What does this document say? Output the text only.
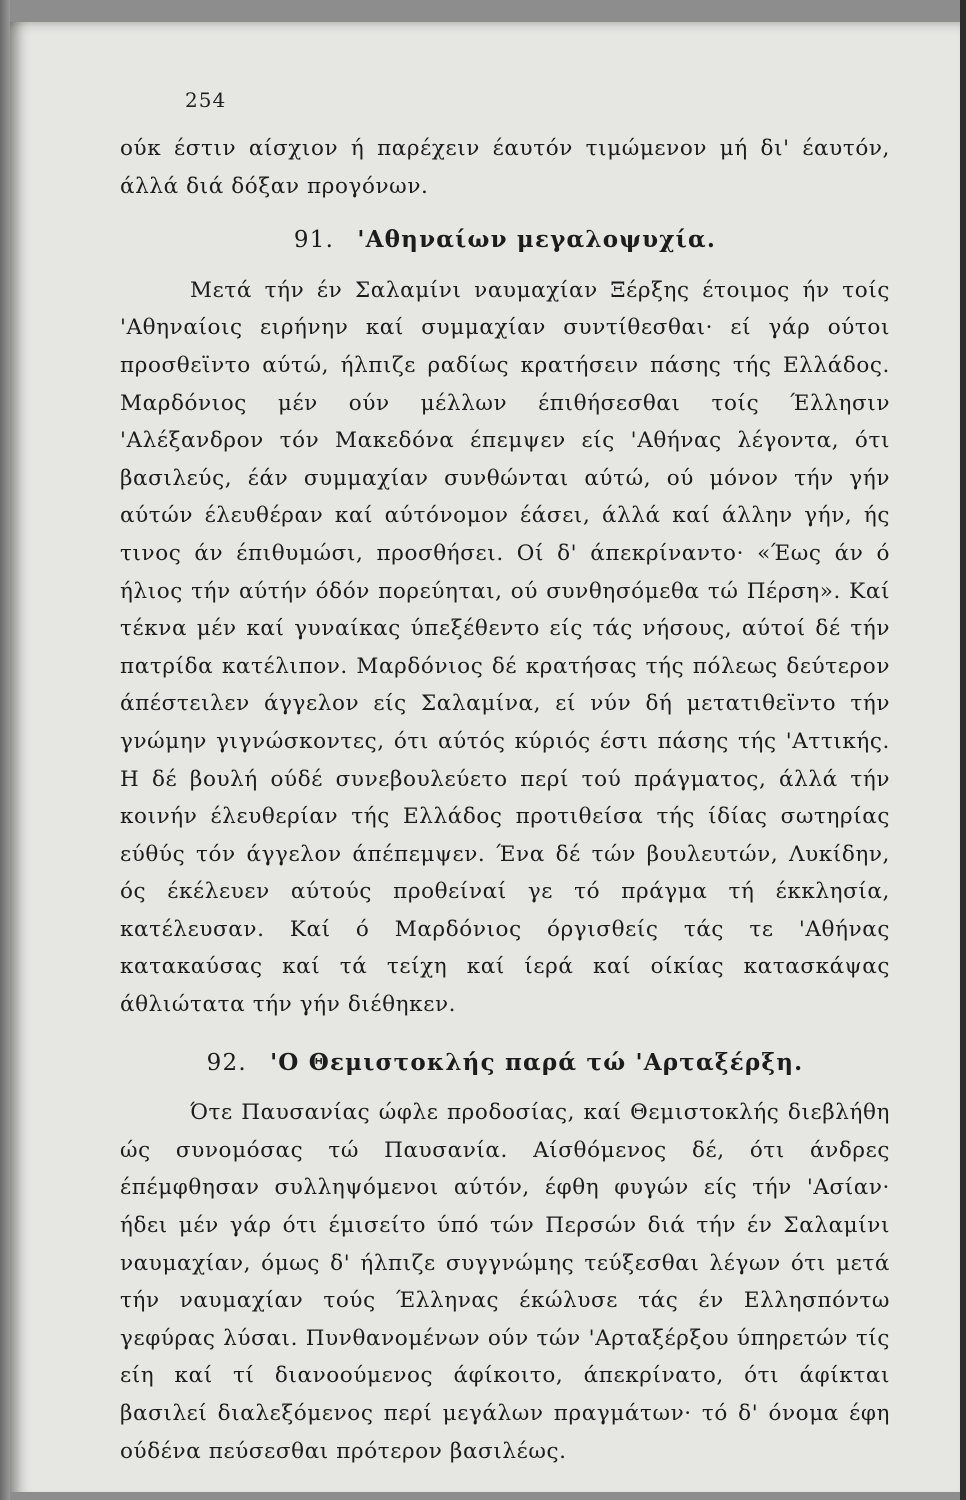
254

ούκ έστιν αίσχιον ή παρέχειν έαυτόν τιμώμενον μή δι' έαυτόν, άλλά διά δόξαν προγόνων.

91. 'Αθηναίων μεγαλοψυχία.

Μετά τήν έν Σαλαμίνι ναυμαχίαν Ξέρξης έτοιμος ήν τοίς 'Αθηναίοις ειρήνην καί συμμαχίαν συντίθεσθαι· εί γάρ ούτοι προσθεϊντο αύτώ, ήλπιζε ραδίως κρατήσειν πάσης τής Ελλάδος. Μαρδόνιος μέν ούν μέλλων έπιθήσεσθαι τοίς Έλλησιν 'Αλέξανδρον τόν Μακεδόνα έπεμψεν είς 'Αθήνας λέγοντα, ότι βασιλεύς, έάν συμμαχίαν συνθώνται αύτώ, ού μόνον τήν γήν αύτών έλευθέραν καί αύτόνομον έάσει, άλλά καί άλλην γήν, ής τινος άν έπιθυμώσι, προσθήσει. Οί δ' άπεκρίναντο· «Έως άν ό ήλιος τήν αύτήν όδόν πορεύηται, ού συνθησόμεθα τώ Πέρση». Καί τέκνα μέν καί γυναίκας ύπεξέθεντο είς τάς νήσους, αύτοί δέ τήν πατρίδα κατέλιπον. Μαρδόνιος δέ κρατήσας τής πόλεως δεύτερον άπέστειλεν άγγελον είς Σαλαμίνα, εί νύν δή μετατιθεϊντο τήν γνώμην γιγνώσκοντες, ότι αύτός κύριός έστι πάσης τής 'Αττικής. Η δέ βουλή ούδέ συνεβουλεύετο περί τού πράγματος, άλλά τήν κοινήν έλευθερίαν τής Ελλάδος προτιθείσα τής ίδίας σωτηρίας εύθύς τόν άγγελον άπέπεμψεν. Ένα δέ τών βουλευτών, Λυκίδην, ός έκέλευεν αύτούς προθείναί γε τό πράγμα τή έκκλησία, κατέλευσαν. Καί ό Μαρδόνιος όργισθείς τάς τε 'Αθήνας κατακαύσας καί τά τείχη καί ίερά καί οίκίας κατασκάψας άθλιώτατα τήν γήν διέθηκεν.

92. 'Ο Θεμιστοκλής παρά τώ 'Αρταξέρξη.

Ότε Παυσανίας ώφλε προδοσίας, καί Θεμιστοκλής διεβλήθη ώς συνομόσας τώ Παυσανία. Αίσθόμενος δέ, ότι άνδρες έπέμφθησαν συλληψόμενοι αύτόν, έφθη φυγών είς τήν 'Ασίαν· ήδει μέν γάρ ότι έμισείτο ύπό τών Περσών διά τήν έν Σαλαμίνι ναυμαχίαν, όμως δ' ήλπιζε συγγνώμης τεύξεσθαι λέγων ότι μετά τήν ναυμαχίαν τούς Έλληνας έκώλυσε τάς έν Ελλησπόντω γεφύρας λύσαι. Πυνθανομένων ούν τών 'Αρταξέρξου ύπηρετών τίς είη καί τί διανοούμενος άφίκοιτο, άπεκρίνατο, ότι άφίκται βασιλεί διαλεξόμενος περί μεγάλων πραγμάτων· τό δ' όνομα έφη ούδένα πεύσεσθαι πρότερον βασιλέως.
